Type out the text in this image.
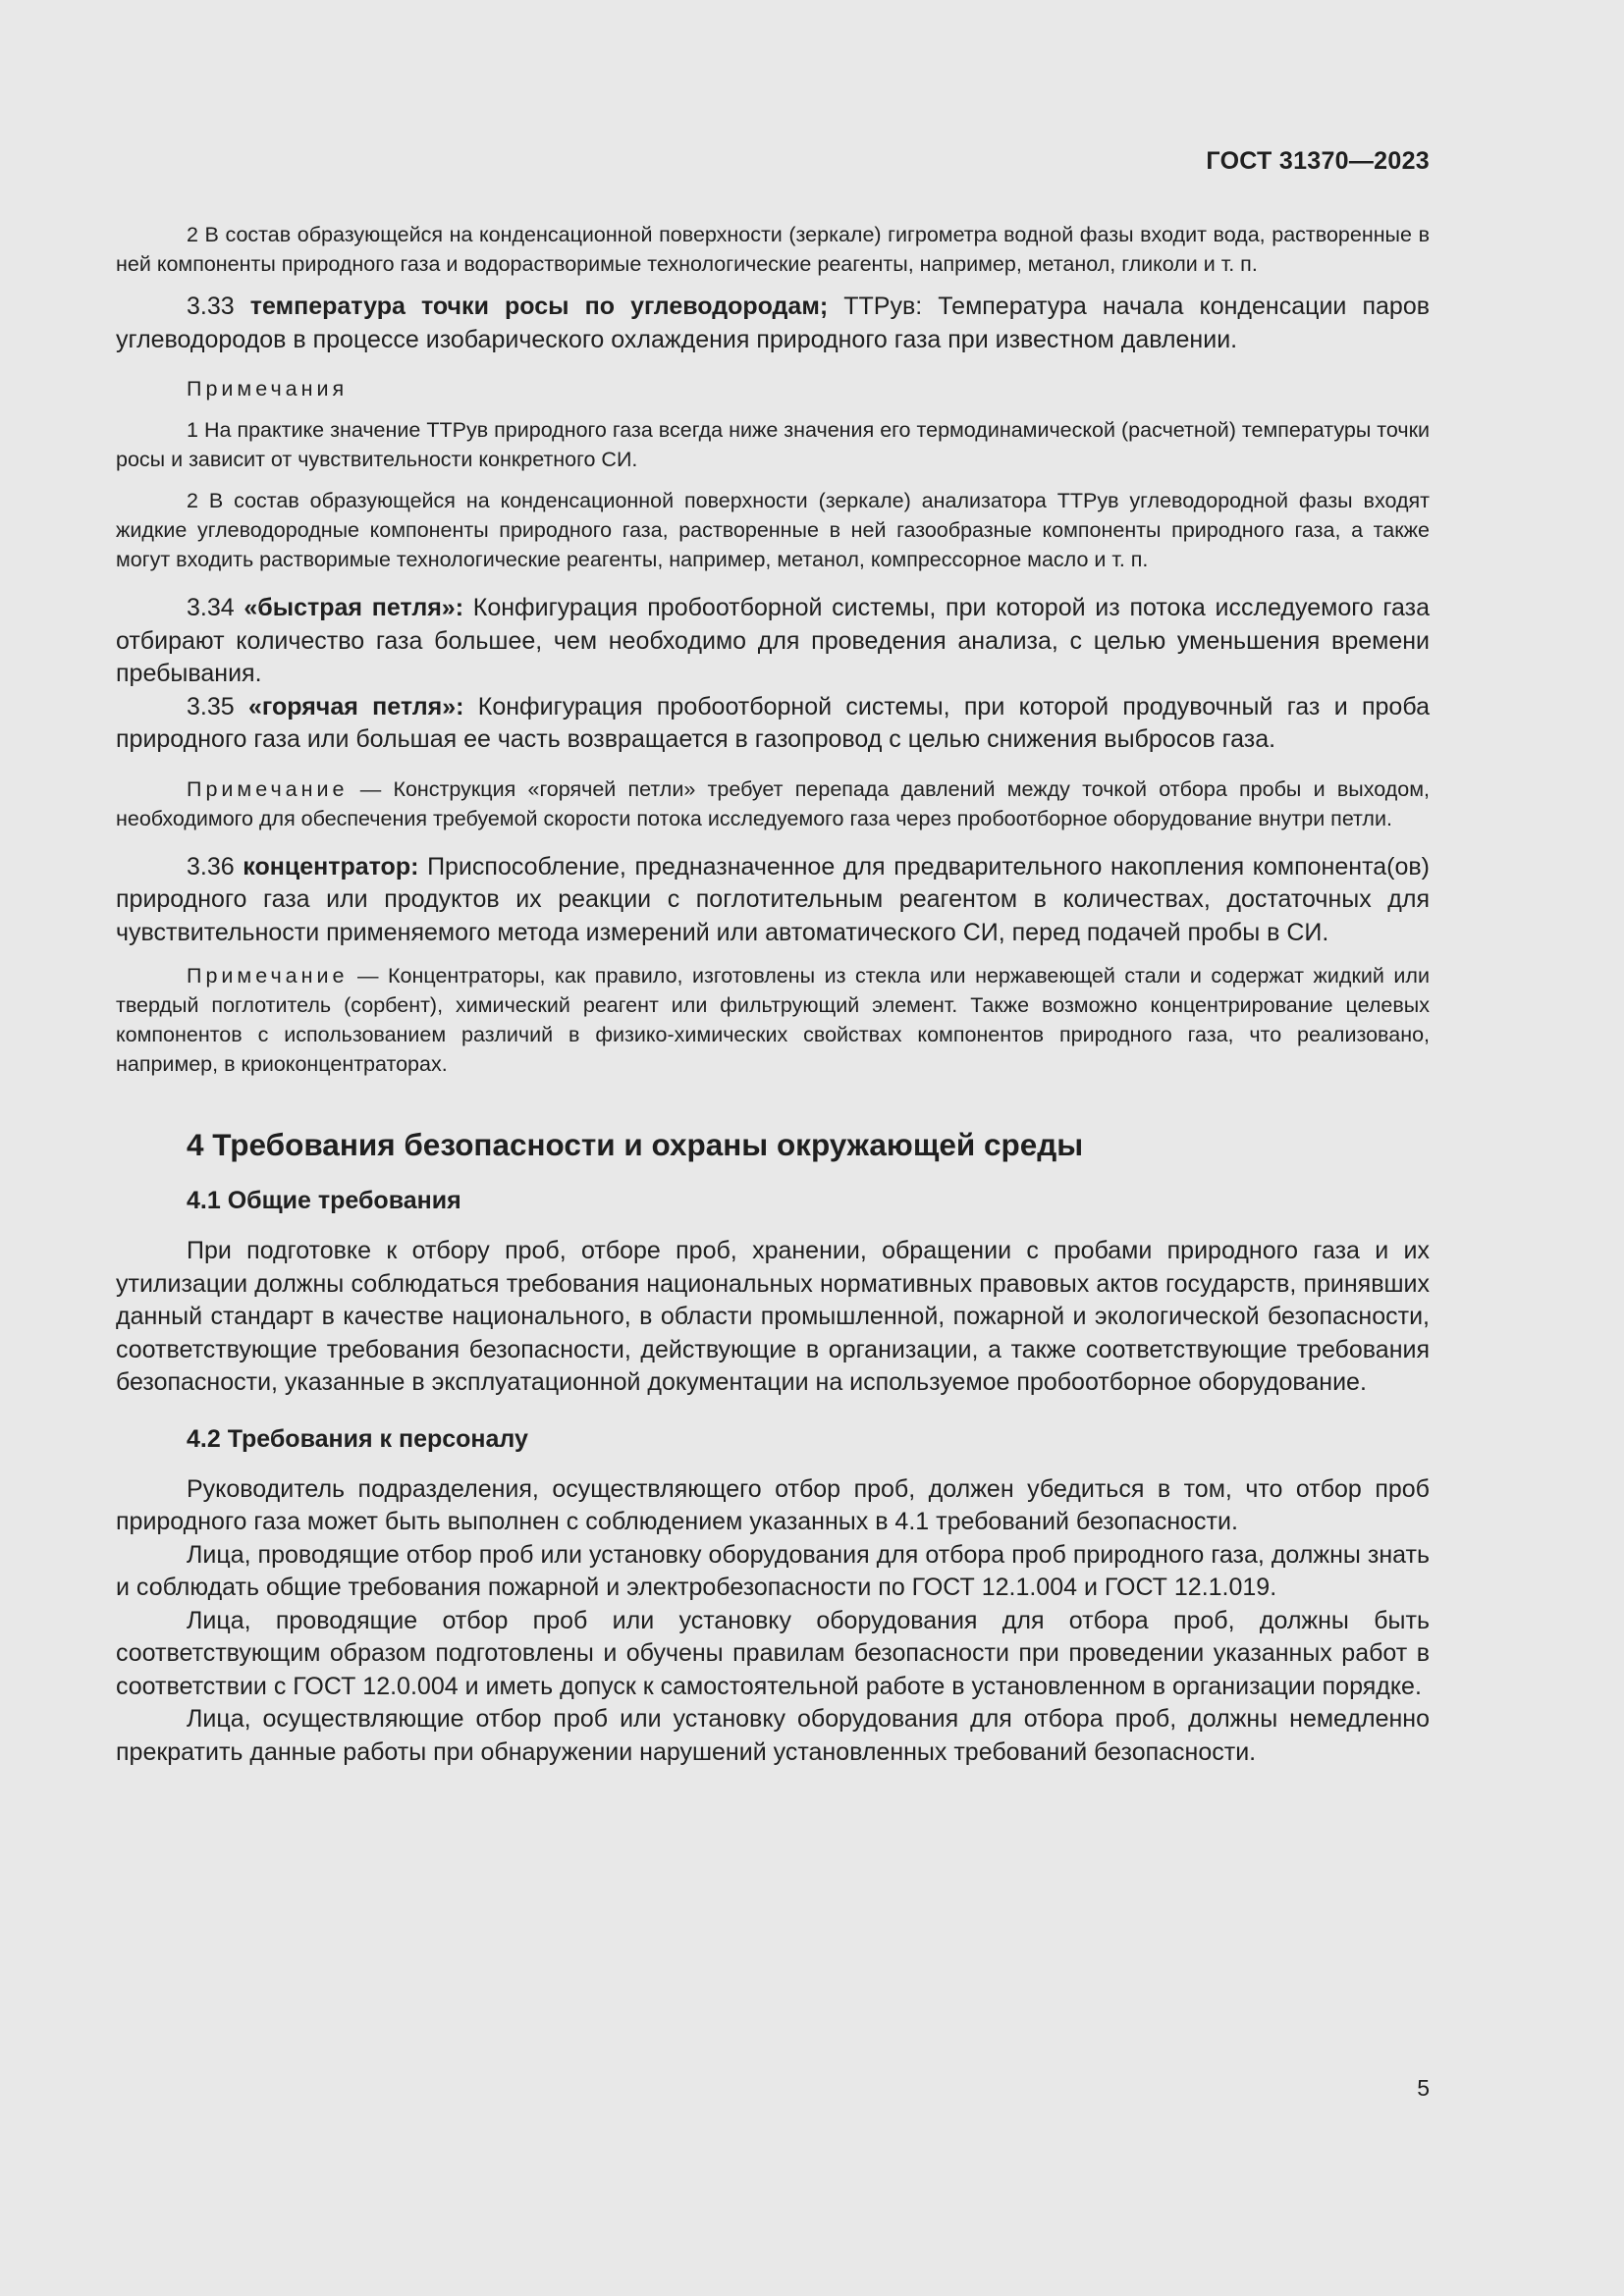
ГОСТ 31370—2023

2 В состав образующейся на конденсационной поверхности (зеркале) гигрометра водной фазы входит вода, растворенные в ней компоненты природного газа и водорастворимые технологические реагенты, например, метанол, гликоли и т. п.

3.33 температура точки росы по углеводородам; ТТРув: Температура начала конденсации паров углеводородов в процессе изобарического охлаждения природного газа при известном давлении.

Примечания

1 На практике значение ТТРув природного газа всегда ниже значения его термодинамической (расчетной) температуры точки росы и зависит от чувствительности конкретного СИ.

2 В состав образующейся на конденсационной поверхности (зеркале) анализатора ТТРув углеводородной фазы входят жидкие углеводородные компоненты природного газа, растворенные в ней газообразные компоненты природного газа, а также могут входить растворимые технологические реагенты, например, метанол, компрессорное масло и т. п.

3.34 «быстрая петля»: Конфигурация пробоотборной системы, при которой из потока исследуемого газа отбирают количество газа большее, чем необходимо для проведения анализа, с целью уменьшения времени пребывания.

3.35 «горячая петля»: Конфигурация пробоотборной системы, при которой продувочный газ и проба природного газа или большая ее часть возвращается в газопровод с целью снижения выбросов газа.

Примечание — Конструкция «горячей петли» требует перепада давлений между точкой отбора пробы и выходом, необходимого для обеспечения требуемой скорости потока исследуемого газа через пробоотборное оборудование внутри петли.

3.36 концентратор: Приспособление, предназначенное для предварительного накопления компонента(ов) природного газа или продуктов их реакции с поглотительным реагентом в количествах, достаточных для чувствительности применяемого метода измерений или автоматического СИ, перед подачей пробы в СИ.

Примечание — Концентраторы, как правило, изготовлены из стекла или нержавеющей стали и содержат жидкий или твердый поглотитель (сорбент), химический реагент или фильтрующий элемент. Также возможно концентрирование целевых компонентов с использованием различий в физико-химических свойствах компонентов природного газа, что реализовано, например, в криоконцентраторах.

4 Требования безопасности и охраны окружающей среды
4.1 Общие требования

При подготовке к отбору проб, отборе проб, хранении, обращении с пробами природного газа и их утилизации должны соблюдаться требования национальных нормативных правовых актов государств, принявших данный стандарт в качестве национального, в области промышленной, пожарной и экологической безопасности, соответствующие требования безопасности, действующие в организации, а также соответствующие требования безопасности, указанные в эксплуатационной документации на используемое пробоотборное оборудование.

4.2 Требования к персоналу

Руководитель подразделения, осуществляющего отбор проб, должен убедиться в том, что отбор проб природного газа может быть выполнен с соблюдением указанных в 4.1 требований безопасности.

Лица, проводящие отбор проб или установку оборудования для отбора проб природного газа, должны знать и соблюдать общие требования пожарной и электробезопасности по ГОСТ 12.1.004 и ГОСТ 12.1.019.

Лица, проводящие отбор проб или установку оборудования для отбора проб, должны быть соответствующим образом подготовлены и обучены правилам безопасности при проведении указанных работ в соответствии с ГОСТ 12.0.004 и иметь допуск к самостоятельной работе в установленном в организации порядке.

Лица, осуществляющие отбор проб или установку оборудования для отбора проб, должны немедленно прекратить данные работы при обнаружении нарушений установленных требований безопасности.

5
